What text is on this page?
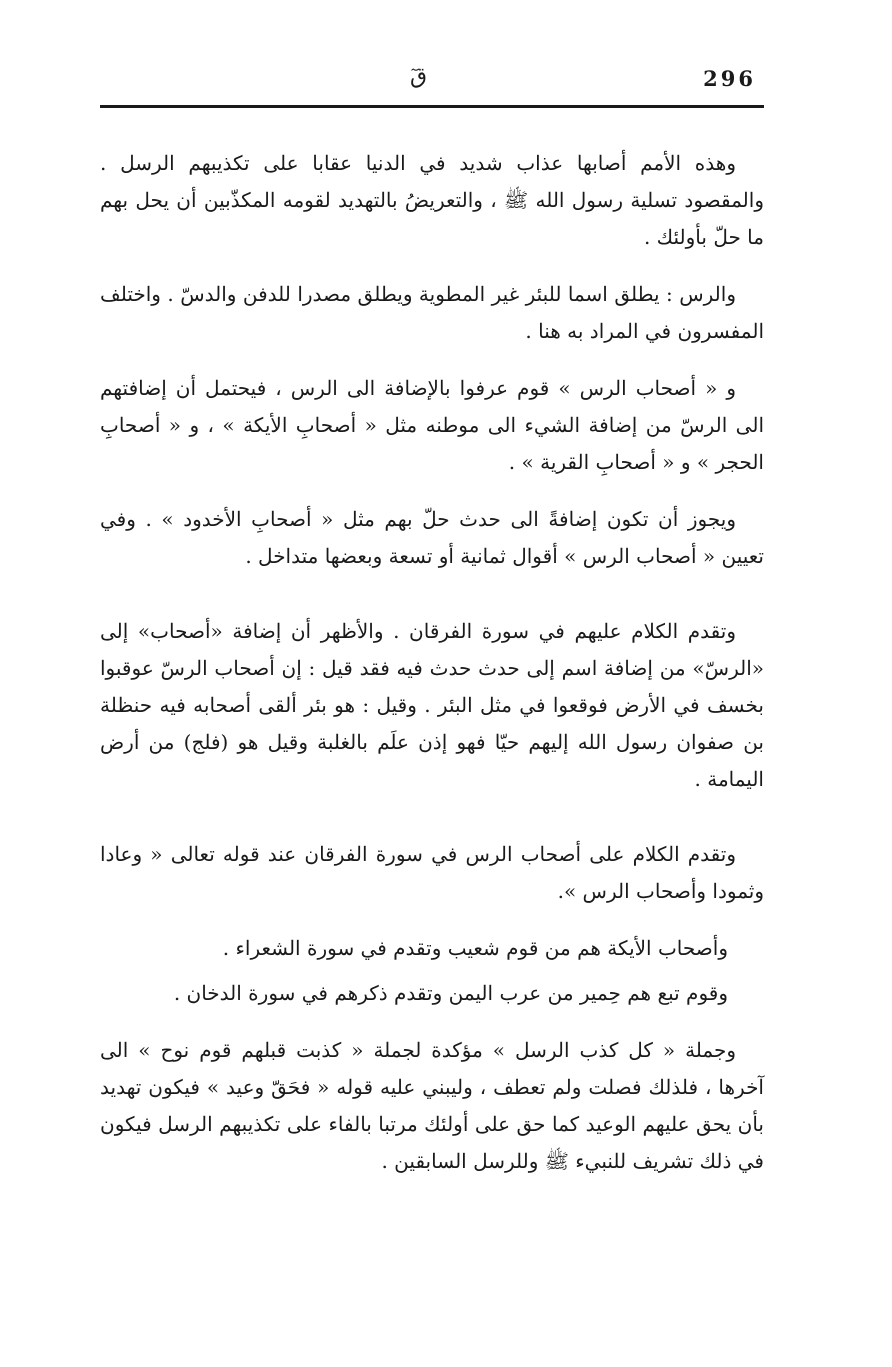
296
قٓ

وهذه الأمم أصابها عذاب شديد في الدنيا عقابا على تكذيبهم الرسل . والمقصود تسلية رسول الله ﷺ ، والتعريضُ بالتهديد لقومه المكذّبين أن يحل بهم ما حلّ بأولئك .

والرس : يطلق اسما للبئر غير المطوية ويطلق مصدرا للدفن والدسّ . واختلف المفسرون في المراد به هنا .

و « أصحاب الرس » قوم عرفوا بالإضافة الى الرس ، فيحتمل أن إضافتهم الى الرسّ من إضافة الشيء الى موطنه مثل « أصحابِ الأيكة » ، و « أصحابِ الحجر » و « أصحابِ القرية » .

ويجوز أن تكون إضافةً الى حدث حلّ بهم مثل « أصحابِ الأخدود » . وفي تعيين « أصحاب الرس » أقوال ثمانية أو تسعة وبعضها متداخل .

وتقدم الكلام عليهم في سورة الفرقان . والأظهر أن إضافة «أصحاب» إلى «الرسّ» من إضافة اسم إلى حدث حدث فيه فقد قيل : إن أصحاب الرسّ عوقبوا بخسف في الأرض فوقعوا في مثل البئر . وقيل : هو بئر ألقى أصحابه فيه حنظلة بن صفوان رسول الله إليهم حيّا فهو إذن علَم بالغلبة وقيل هو (فلج) من أرض اليمامة .

وتقدم الكلام على أصحاب الرس في سورة الفرقان عند قوله تعالى « وعادا وثمودا وأصحاب الرس ».

وأصحاب الأيكة هم من قوم شعيب وتقدم في سورة الشعراء .

وقوم تبع هم حِمير من عرب اليمن وتقدم ذكرهم في سورة الدخان .

وجملة « كل كذب الرسل » مؤكدة لجملة « كذبت قبلهم قوم نوح » الى آخرها ، فلذلك فصلت ولم تعطف ، وليبني عليه قوله « فحَقّ وعيد » فيكون تهديد بأن يحق عليهم الوعيد كما حق على أولئك مرتبا بالفاء على تكذيبهم الرسل فيكون في ذلك تشريف للنبيء ﷺ وللرسل السابقين .
